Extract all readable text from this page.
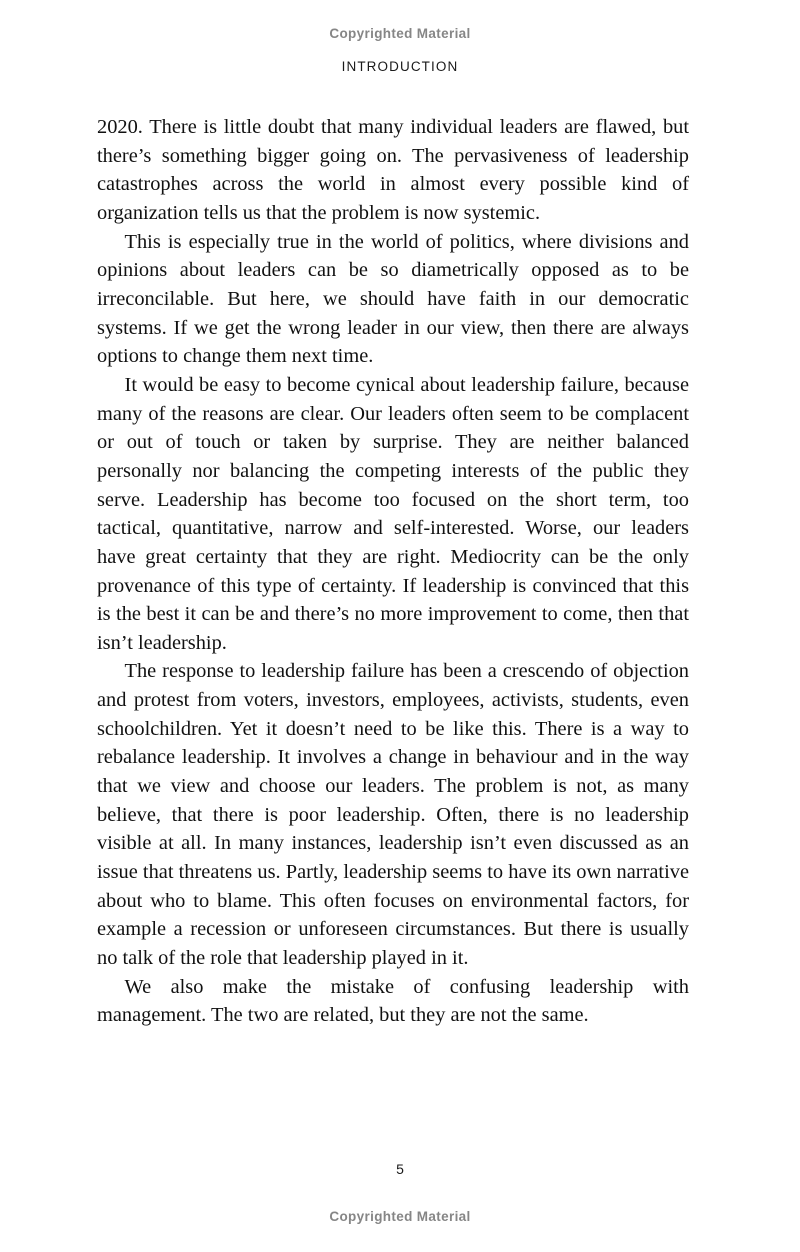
Copyrighted Material
INTRODUCTION

2020. There is little doubt that many individual leaders are flawed, but there’s something bigger going on. The pervasiveness of leadership catastrophes across the world in almost every possible kind of organization tells us that the problem is now systemic.

This is especially true in the world of politics, where divisions and opinions about leaders can be so diametrically opposed as to be irreconcilable. But here, we should have faith in our democratic systems. If we get the wrong leader in our view, then there are always options to change them next time.

It would be easy to become cynical about leadership failure, because many of the reasons are clear. Our leaders often seem to be complacent or out of touch or taken by surprise. They are neither balanced personally nor balancing the competing interests of the public they serve. Leadership has become too focused on the short term, too tactical, quantitative, narrow and self-interested. Worse, our leaders have great certainty that they are right. Mediocrity can be the only provenance of this type of certainty. If leadership is convinced that this is the best it can be and there’s no more improvement to come, then that isn’t leadership.

The response to leadership failure has been a crescendo of objection and protest from voters, investors, employees, activists, students, even schoolchildren. Yet it doesn’t need to be like this. There is a way to rebalance leadership. It involves a change in behaviour and in the way that we view and choose our leaders. The problem is not, as many believe, that there is poor leadership. Often, there is no leadership visible at all. In many instances, leadership isn’t even discussed as an issue that threatens us. Partly, leadership seems to have its own narrative about who to blame. This often focuses on environmental factors, for example a recession or unforeseen circumstances. But there is usually no talk of the role that leadership played in it.

We also make the mistake of confusing leadership with management. The two are related, but they are not the same.

5
Copyrighted Material
